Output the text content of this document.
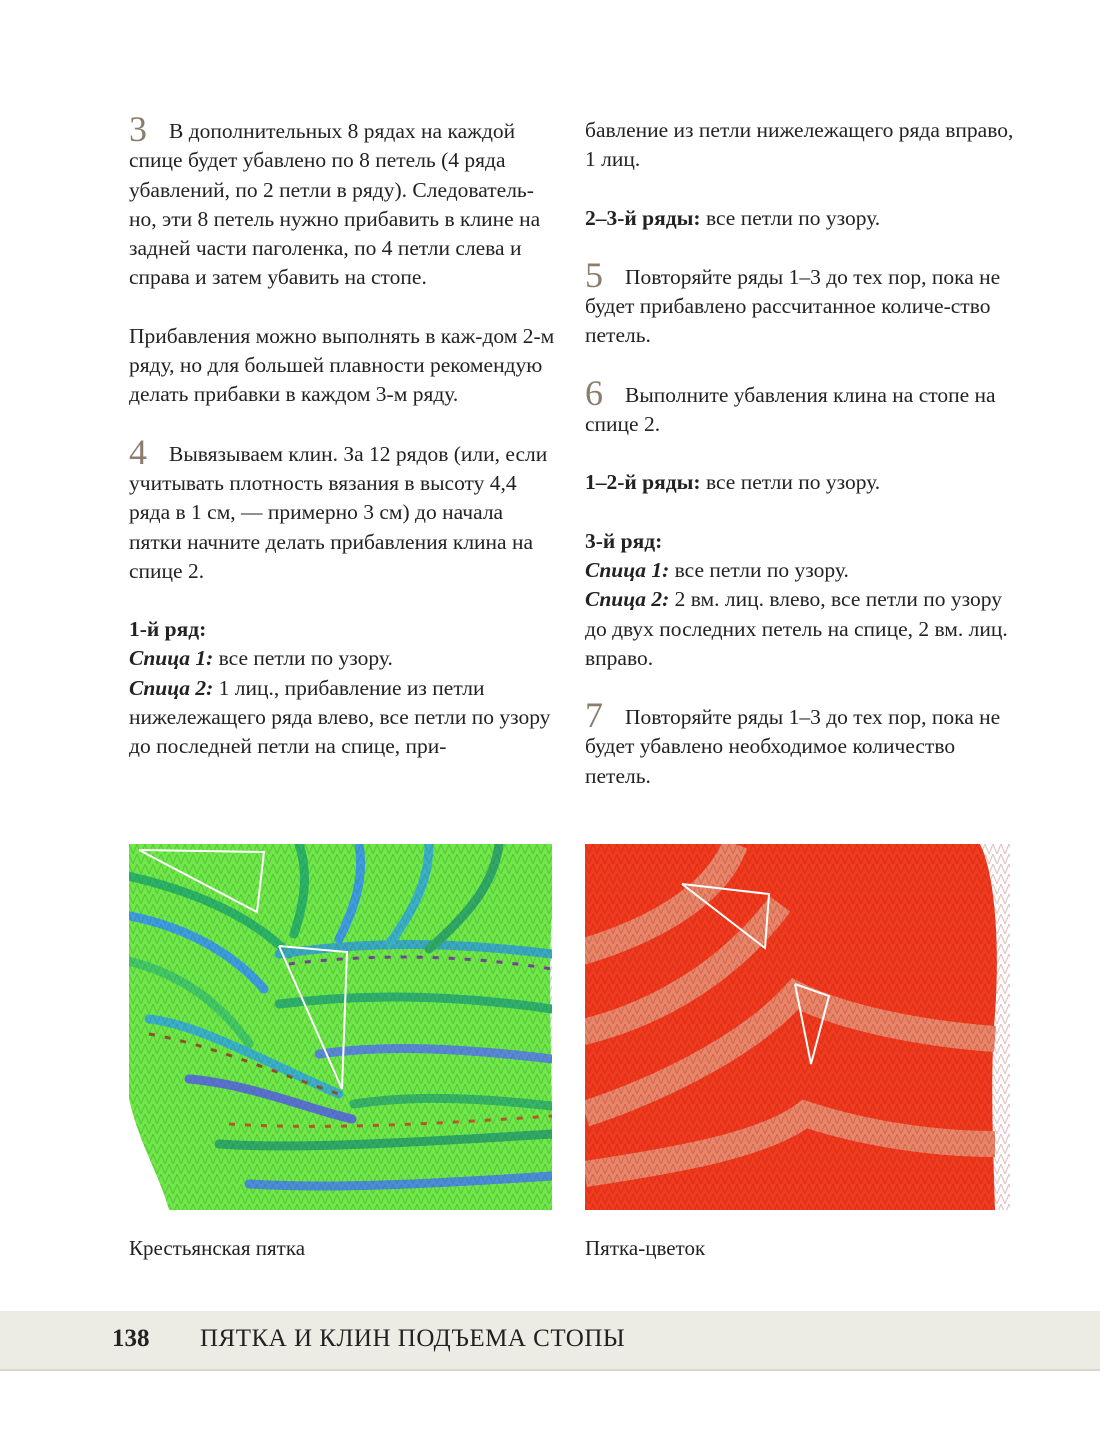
3 В дополнительных 8 рядах на каждой спице будет убавлено по 8 петель (4 ряда убавлений, по 2 петли в ряду). Следователь-но, эти 8 петель нужно прибавить в клине на задней части паголенка, по 4 петли слева и справа и затем убавить на стопе.

Прибавления можно выполнять в каж-дом 2-м ряду, но для большей плавности рекомендую делать прибавки в каждом 3-м ряду.

4 Вывязываем клин. За 12 рядов (или, если учитывать плотность вязания в высоту 4,4 ряда в 1 см, — примерно 3 см) до начала пятки начните делать прибавления клина на спице 2.

1-й ряд:

Спица 1: все петли по узору.

Спица 2: 1 лиц., прибавление из петли нижележащего ряда влево, все петли по узору до последней петли на спице, при-

бавление из петли нижележащего ряда вправо, 1 лиц.

2–3-й ряды: все петли по узору.

5 Повторяйте ряды 1–3 до тех пор, пока не будет прибавлено рассчитанное количе-ство петель.

6 Выполните убавления клина на стопе на спице 2.

1–2-й ряды: все петли по узору.

3-й ряд:

Спица 1: все петли по узору.

Спица 2: 2 вм. лиц. влево, все петли по узору до двух последних петель на спице, 2 вм. лиц. вправо.

7 Повторяйте ряды 1–3 до тех пор, пока не будет убавлено необходимое количество петель.

Крестьянская пятка	Пятка-цветок
138 ПЯТКА И КЛИН ПОДЪЕМА СТОПЫ
